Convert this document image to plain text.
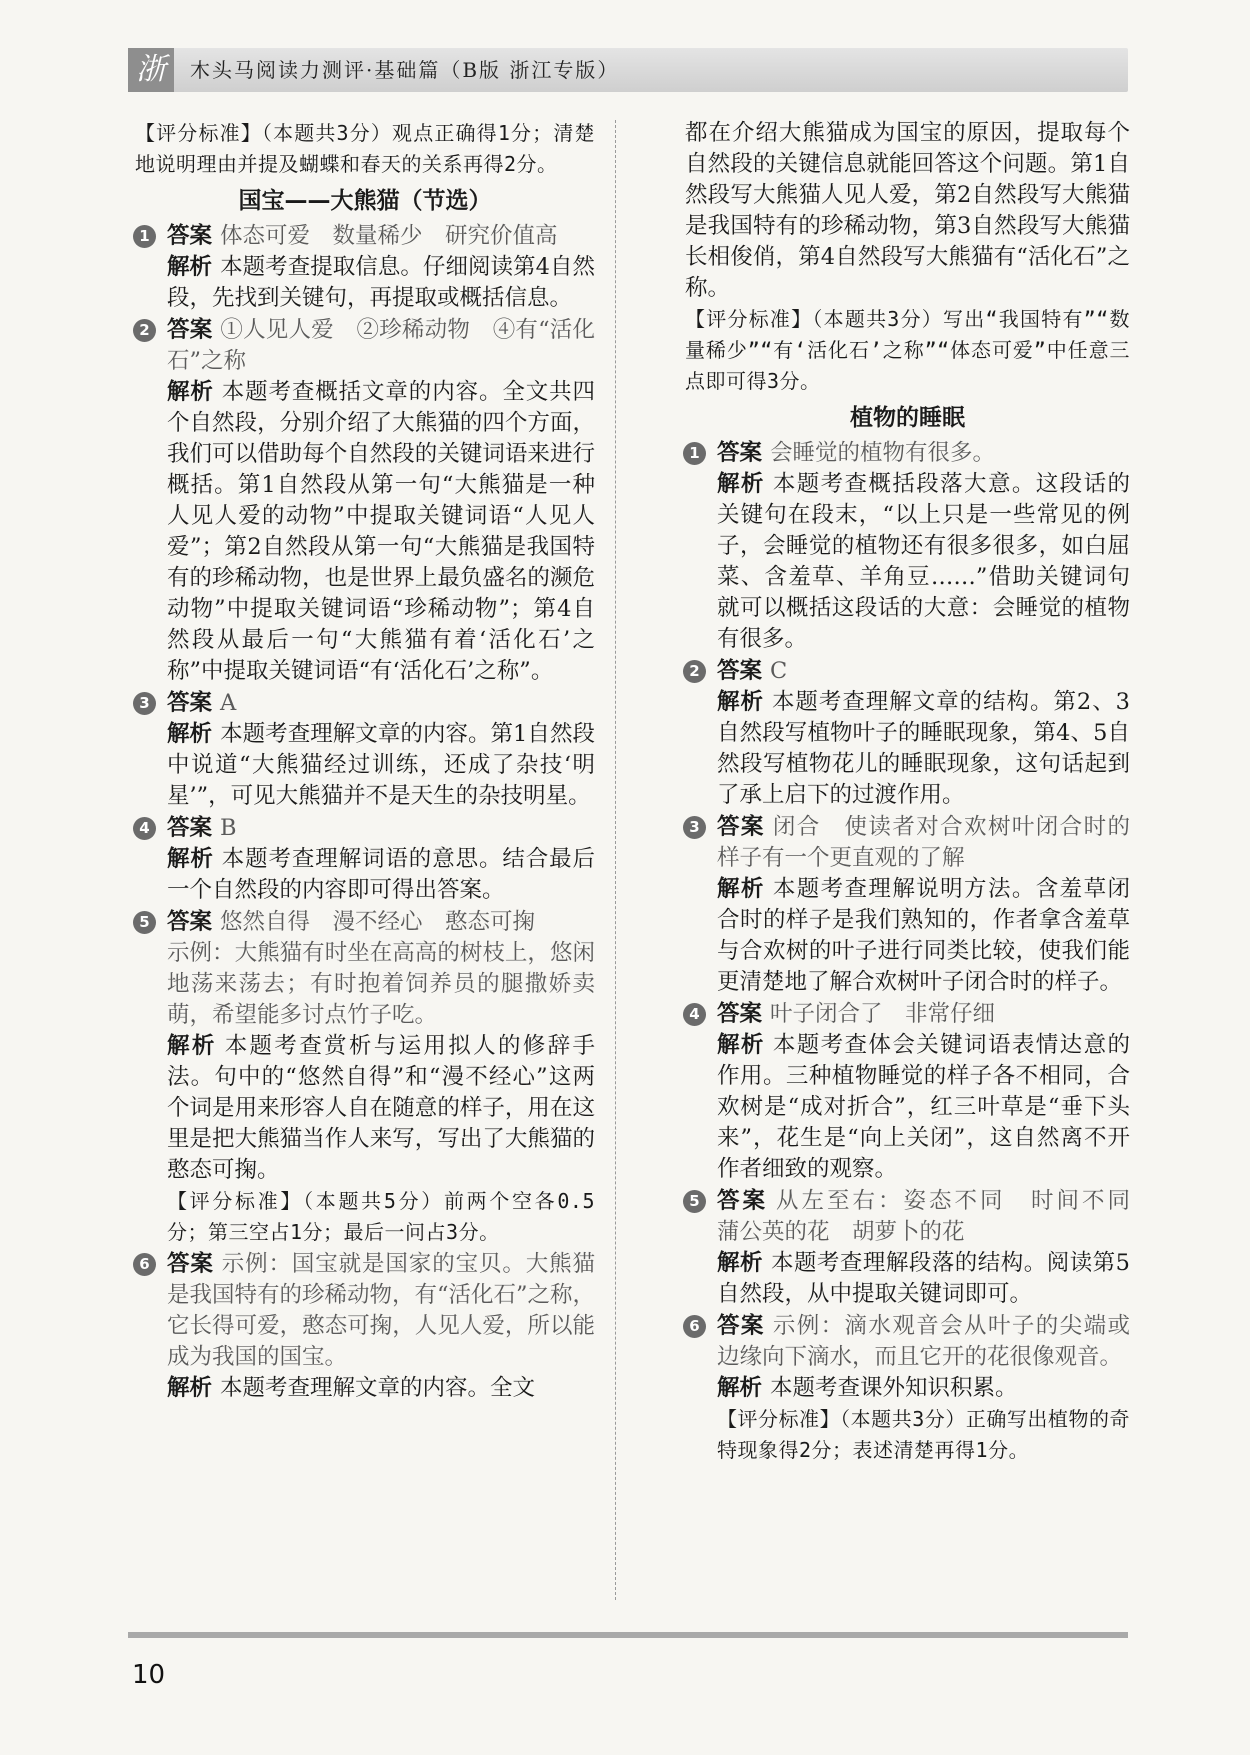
浙	木头马阅读力测评·基础篇（B版 浙江专版）

【评分标准】（本题共3分）观点正确得1分；清楚地说明理由并提及蝴蝶和春天的关系再得2分。

国宝——大熊猫（节选）
1 答案 体态可爱　数量稀少　研究价值高

解析 本题考查提取信息。仔细阅读第4自然段，先找到关键句，再提取或概括信息。

2 答案 ①人见人爱　②珍稀动物　④有“活化石”之称

解析 本题考查概括文章的内容。全文共四个自然段，分别介绍了大熊猫的四个方面，我们可以借助每个自然段的关键词语来进行概括。第1自然段从第一句“大熊猫是一种人见人爱的动物”中提取关键词语“人见人爱”；第2自然段从第一句“大熊猫是我国特有的珍稀动物，也是世界上最负盛名的濒危动物”中提取关键词语“珍稀动物”；第4自然段从最后一句“大熊猫有着‘活化石’之称”中提取关键词语“有‘活化石’之称”。

3 答案 A

解析 本题考查理解文章的内容。第1自然段中说道“大熊猫经过训练，还成了杂技‘明星’”，可见大熊猫并不是天生的杂技明星。

4 答案 B

解析 本题考查理解词语的意思。结合最后一个自然段的内容即可得出答案。

5 答案 悠然自得　漫不经心　憨态可掬

示例：大熊猫有时坐在高高的树枝上，悠闲地荡来荡去；有时抱着饲养员的腿撒娇卖萌，希望能多讨点竹子吃。

解析 本题考查赏析与运用拟人的修辞手法。句中的“悠然自得”和“漫不经心”这两个词是用来形容人自在随意的样子，用在这里是把大熊猫当作人来写，写出了大熊猫的憨态可掬。

【评分标准】（本题共5分）前两个空各0.5分；第三空占1分；最后一问占3分。

6 答案 示例：国宝就是国家的宝贝。大熊猫是我国特有的珍稀动物，有“活化石”之称，它长得可爱，憨态可掬，人见人爱，所以能成为我国的国宝。

解析 本题考查理解文章的内容。全文

都在介绍大熊猫成为国宝的原因，提取每个自然段的关键信息就能回答这个问题。第1自然段写大熊猫人见人爱，第2自然段写大熊猫是我国特有的珍稀动物，第3自然段写大熊猫长相俊俏，第4自然段写大熊猫有“活化石”之称。

【评分标准】（本题共3分）写出“我国特有”“数量稀少”“有‘活化石’之称”“体态可爱”中任意三点即可得3分。

植物的睡眠
1 答案 会睡觉的植物有很多。

解析 本题考查概括段落大意。这段话的关键句在段末，“以上只是一些常见的例子，会睡觉的植物还有很多很多，如白屈菜、含羞草、羊角豆……”借助关键词句就可以概括这段话的大意：会睡觉的植物有很多。

2 答案 C

解析 本题考查理解文章的结构。第2、3自然段写植物叶子的睡眠现象，第4、5自然段写植物花儿的睡眠现象，这句话起到了承上启下的过渡作用。

3 答案 闭合　使读者对合欢树叶闭合时的样子有一个更直观的了解

解析 本题考查理解说明方法。含羞草闭合时的样子是我们熟知的，作者拿含羞草与合欢树的叶子进行同类比较，使我们能更清楚地了解合欢树叶子闭合时的样子。

4 答案 叶子闭合了　非常仔细

解析 本题考查体会关键词语表情达意的作用。三种植物睡觉的样子各不相同，合欢树是“成对折合”，红三叶草是“垂下头来”，花生是“向上关闭”，这自然离不开作者细致的观察。

5 答案 从左至右：姿态不同　时间不同　蒲公英的花　胡萝卜的花

解析 本题考查理解段落的结构。阅读第5自然段，从中提取关键词即可。

6 答案 示例：滴水观音会从叶子的尖端或边缘向下滴水，而且它开的花很像观音。

解析 本题考查课外知识积累。

【评分标准】（本题共3分）正确写出植物的奇特现象得2分；表述清楚再得1分。

10
